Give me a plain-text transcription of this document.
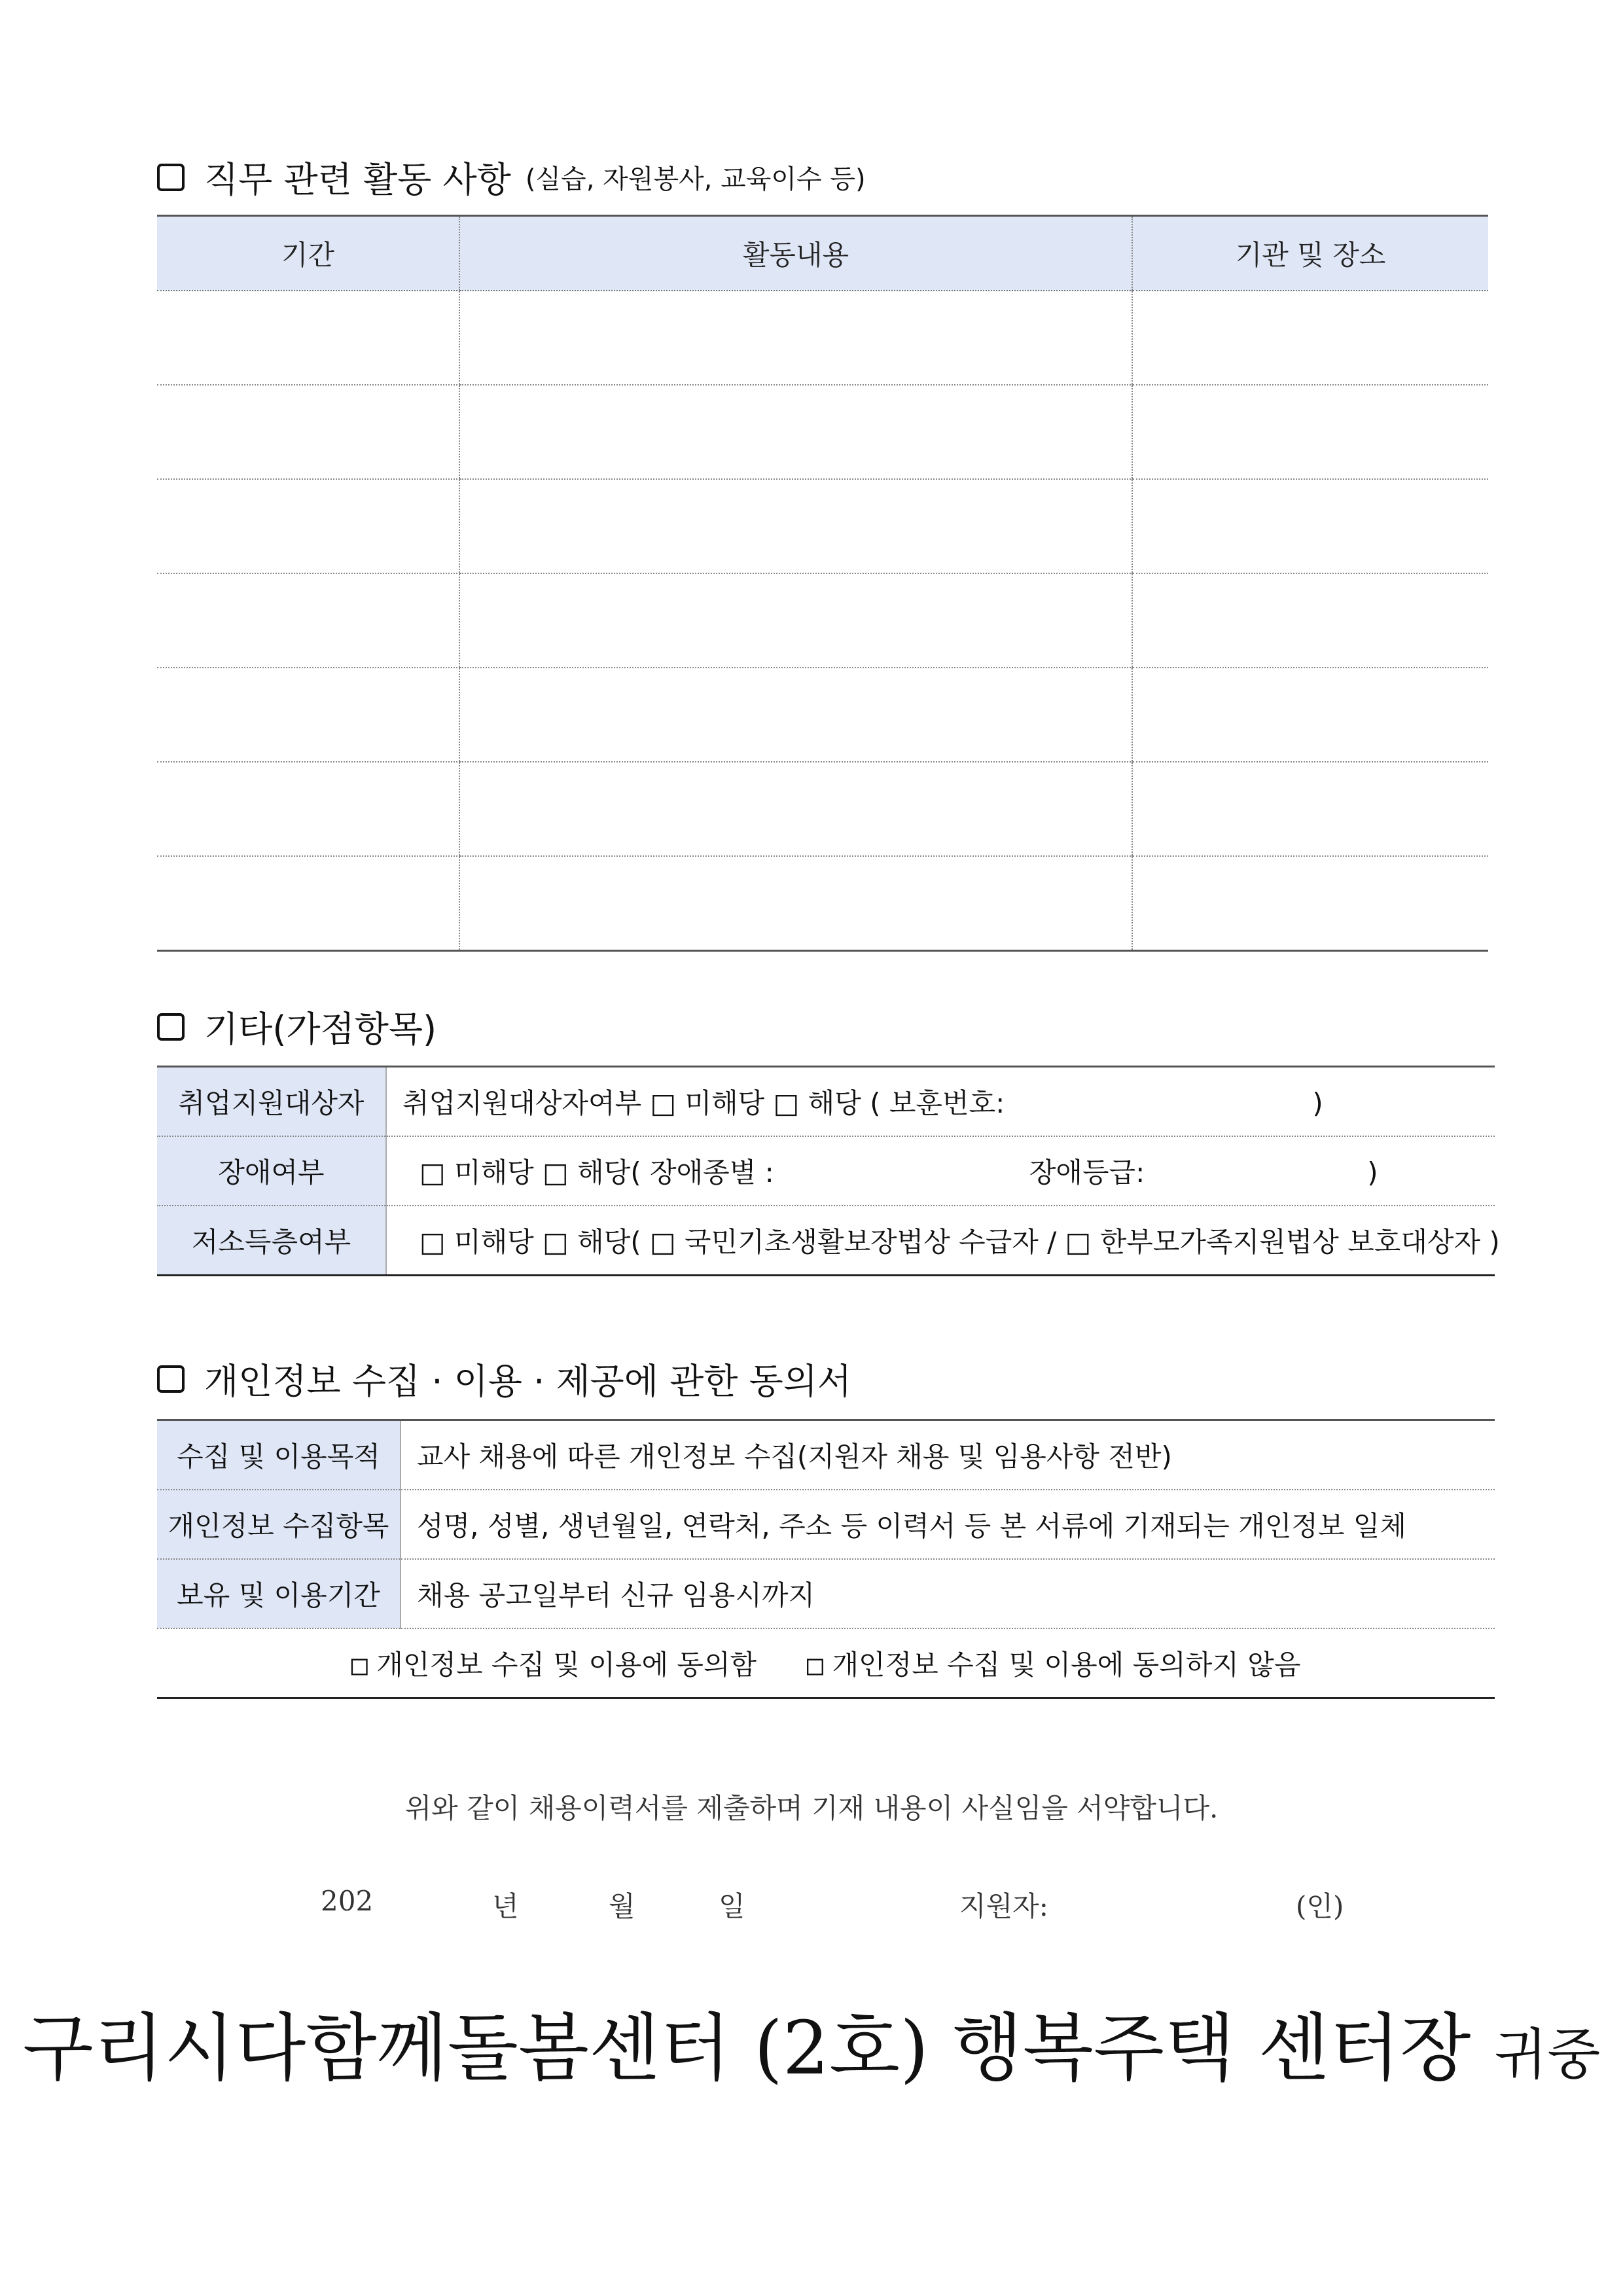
직무 관련 활동 사항 (실습, 자원봉사, 교육이수 등)
기간	활동내용	기관 및 장소

기타(가점항목)
취업지원대상자	취업지원대상자여부 □ 미해당 □ 해당 ( 보훈번호: )
장애여부	□ 미해당 □ 해당( 장애종별 : 장애등급: )
저소득층여부	□ 미해당 □ 해당( □ 국민기초생활보장법상 수급자 / □ 한부모가족지원법상 보호대상자 )
개인정보 수집 · 이용 · 제공에 관한 동의서
수집 및 이용목적	교사 채용에 따른 개인정보 수집(지원자 채용 및 임용사항 전반)
개인정보 수집항목	성명, 성별, 생년월일, 연락처, 주소 등 이력서 등 본 서류에 기재되는 개인정보 일체
보유 및 이용기간	채용 공고일부터 신규 임용시까지
□ 개인정보 수집 및 이용에 동의함 □ 개인정보 수집 및 이용에 동의하지 않음	
위와 같이 채용이력서를 제출하며 기재 내용이 사실임을 서약합니다.
202	년	월	일	지원자:	(인)
구리시다함께돌봄센터 (2호) 행복주택 센터장 귀중
